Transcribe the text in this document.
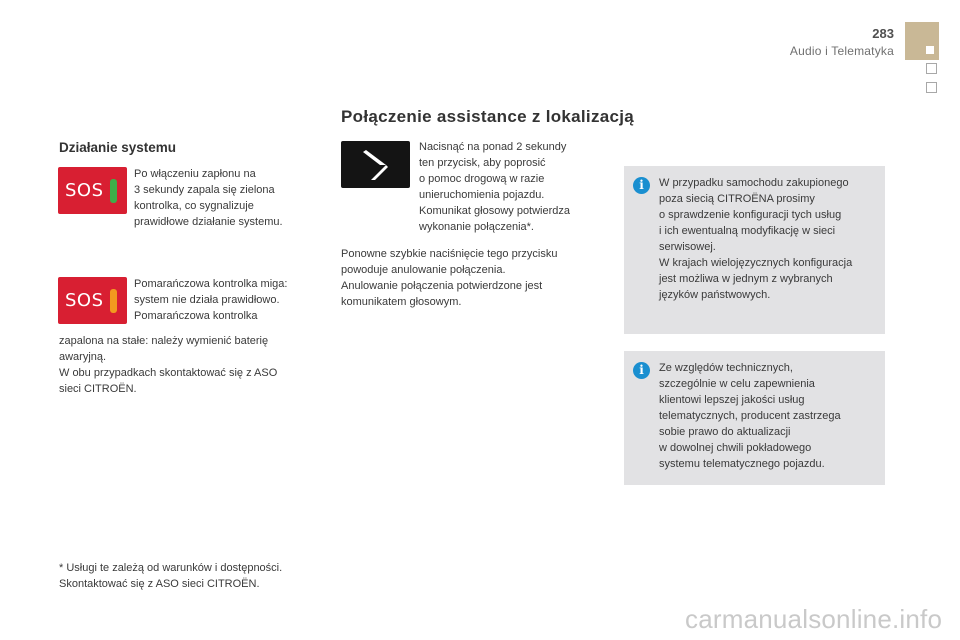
283
Audio i Telematyka
Połączenie assistance z lokalizacją
Działanie systemu
SOS

Po włączeniu zapłonu na
3 sekundy zapala się zielona
kontrolka, co sygnalizuje
prawidłowe działanie systemu.

SOS

Pomarańczowa kontrolka miga:
system nie działa prawidłowo.
Pomarańczowa kontrolka

zapalona na stałe: należy wymienić baterię
awaryjną.
W obu przypadkach skontaktować się z ASO
sieci CITROËN.

* Usługi te zależą od warunków i dostępności.
Skontaktować się z ASO sieci CITROËN.

Nacisnąć na ponad 2 sekundy
ten przycisk, aby poprosić
o pomoc drogową w razie
unieruchomienia pojazdu.
Komunikat głosowy potwierdza
wykonanie połączenia*.

Ponowne szybkie naciśnięcie tego przycisku
powoduje anulowanie połączenia.
Anulowanie połączenia potwierdzone jest
komunikatem głosowym.

i	W przypadku samochodu zakupionego
poza siecią CITROËNA prosimy
o sprawdzenie konfiguracji tych usług
i ich ewentualną modyfikację w sieci
serwisowej.
W krajach wielojęzycznych konfiguracja
jest możliwa w jednym z wybranych
języków państwowych.

i	Ze względów technicznych,
szczególnie w celu zapewnienia
klientowi lepszej jakości usług
telematycznych, producent zastrzega
sobie prawo do aktualizacji
w dowolnej chwili pokładowego
systemu telematycznego pojazdu.

carmanualsonline.info
